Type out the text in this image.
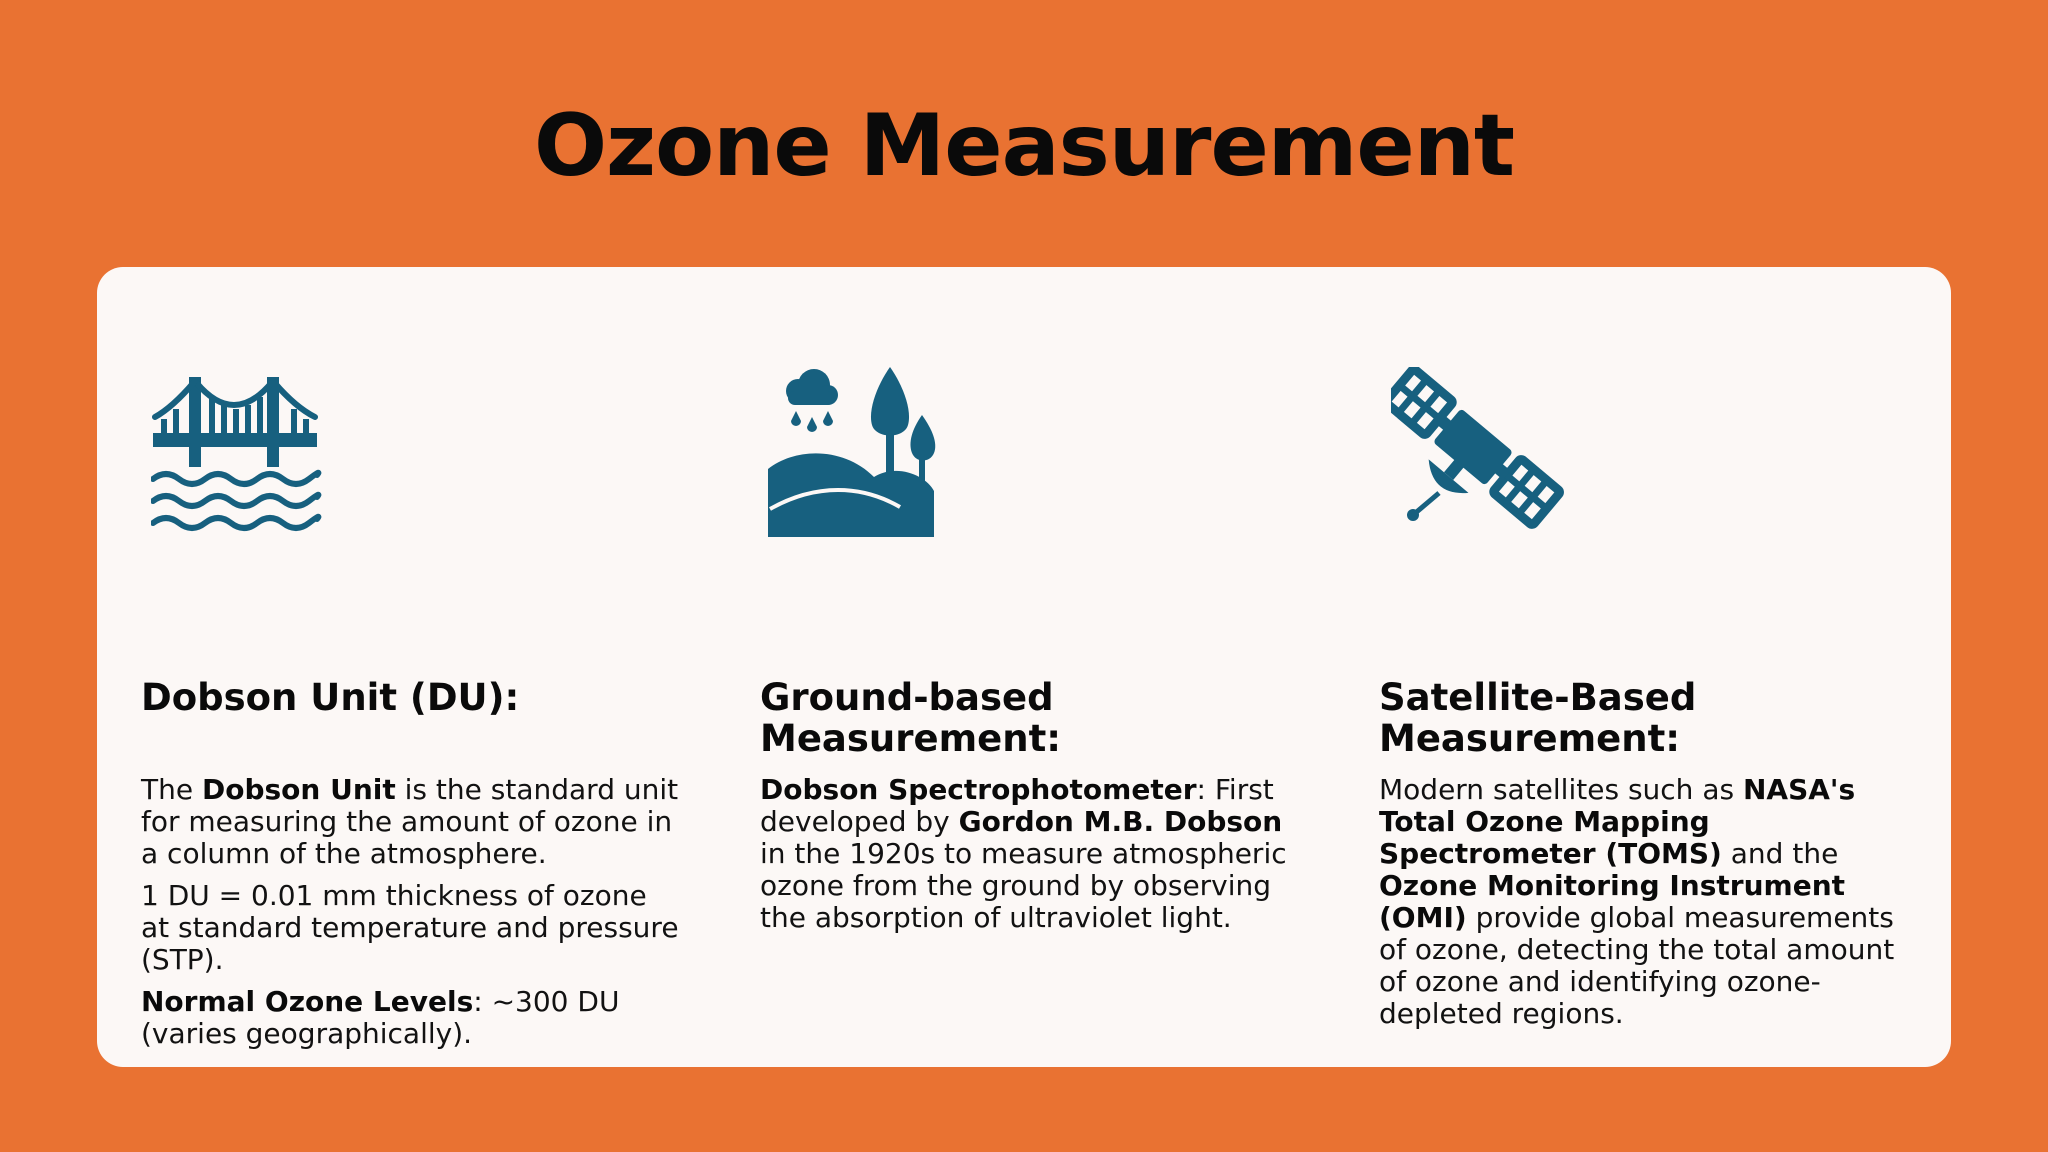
Ozone Measurement
Dobson Unit (DU):

The Dobson Unit is the standard unit for measuring the amount of ozone in a column of the atmosphere.

1 DU = 0.01 mm thickness of ozone at standard temperature and pressure (STP).

Normal Ozone Levels: ~300 DU (varies geographically).

Ground-based
Measurement:

Dobson Spectrophotometer: First developed by Gordon M.B. Dobson in the 1920s to measure atmospheric ozone from the ground by observing the absorption of ultraviolet light.

Satellite-Based
Measurement:

Modern satellites such as NASA's Total Ozone Mapping Spectrometer (TOMS) and the Ozone Monitoring Instrument (OMI) provide global measurements of ozone, detecting the total amount of ozone and identifying ozone-depleted regions.
